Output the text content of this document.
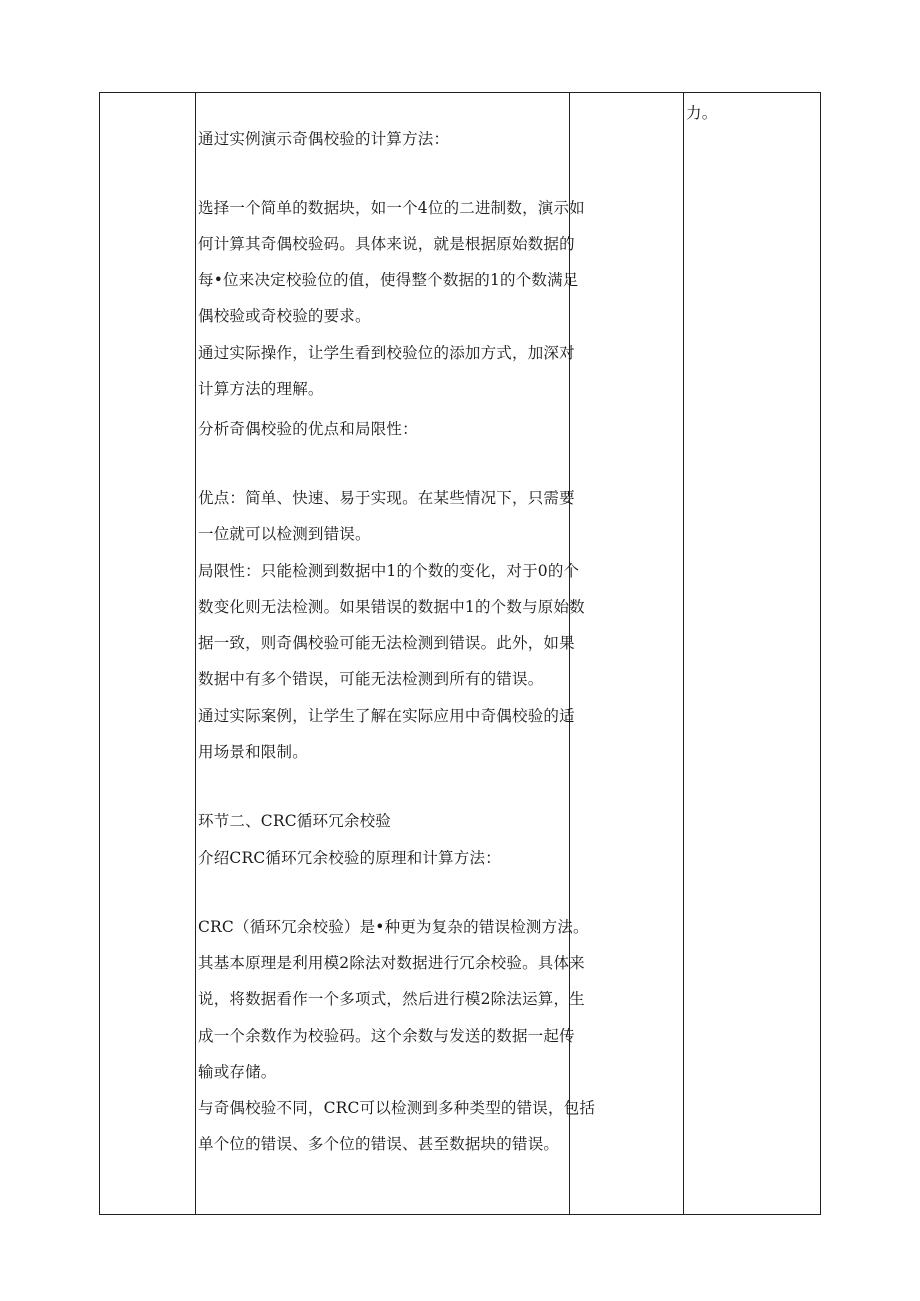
通过实例演示奇偶校验的计算方法：
选择一个简单的数据块，如一个4位的二进制数，演示如
何计算其奇偶校验码。具体来说，就是根据原始数据的
每•位来决定校验位的值，使得整个数据的1的个数满足
偶校验或奇校验的要求。
通过实际操作，让学生看到校验位的添加方式，加深对
计算方法的理解。
分析奇偶校验的优点和局限性：
优点：简单、快速、易于实现。在某些情况下，只需要
一位就可以检测到错误。
局限性：只能检测到数据中1的个数的变化，对于0的个
数变化则无法检测。如果错误的数据中1的个数与原始数
据一致，则奇偶校验可能无法检测到错误。此外，如果
数据中有多个错误，可能无法检测到所有的错误。
通过实际案例，让学生了解在实际应用中奇偶校验的适
用场景和限制。
环节二、CRC循环冗余校验
介绍CRC循环冗余校验的原理和计算方法：
CRC（循环冗余校验）是•种更为复杂的错误检测方法。
其基本原理是利用模2除法对数据进行冗余校验。具体来
说，将数据看作一个多项式，然后进行模2除法运算，生
成一个余数作为校验码。这个余数与发送的数据一起传
输或存储。
与奇偶校验不同，CRC可以检测到多种类型的错误，包括
单个位的错误、多个位的错误、甚至数据块的错误。
力。
